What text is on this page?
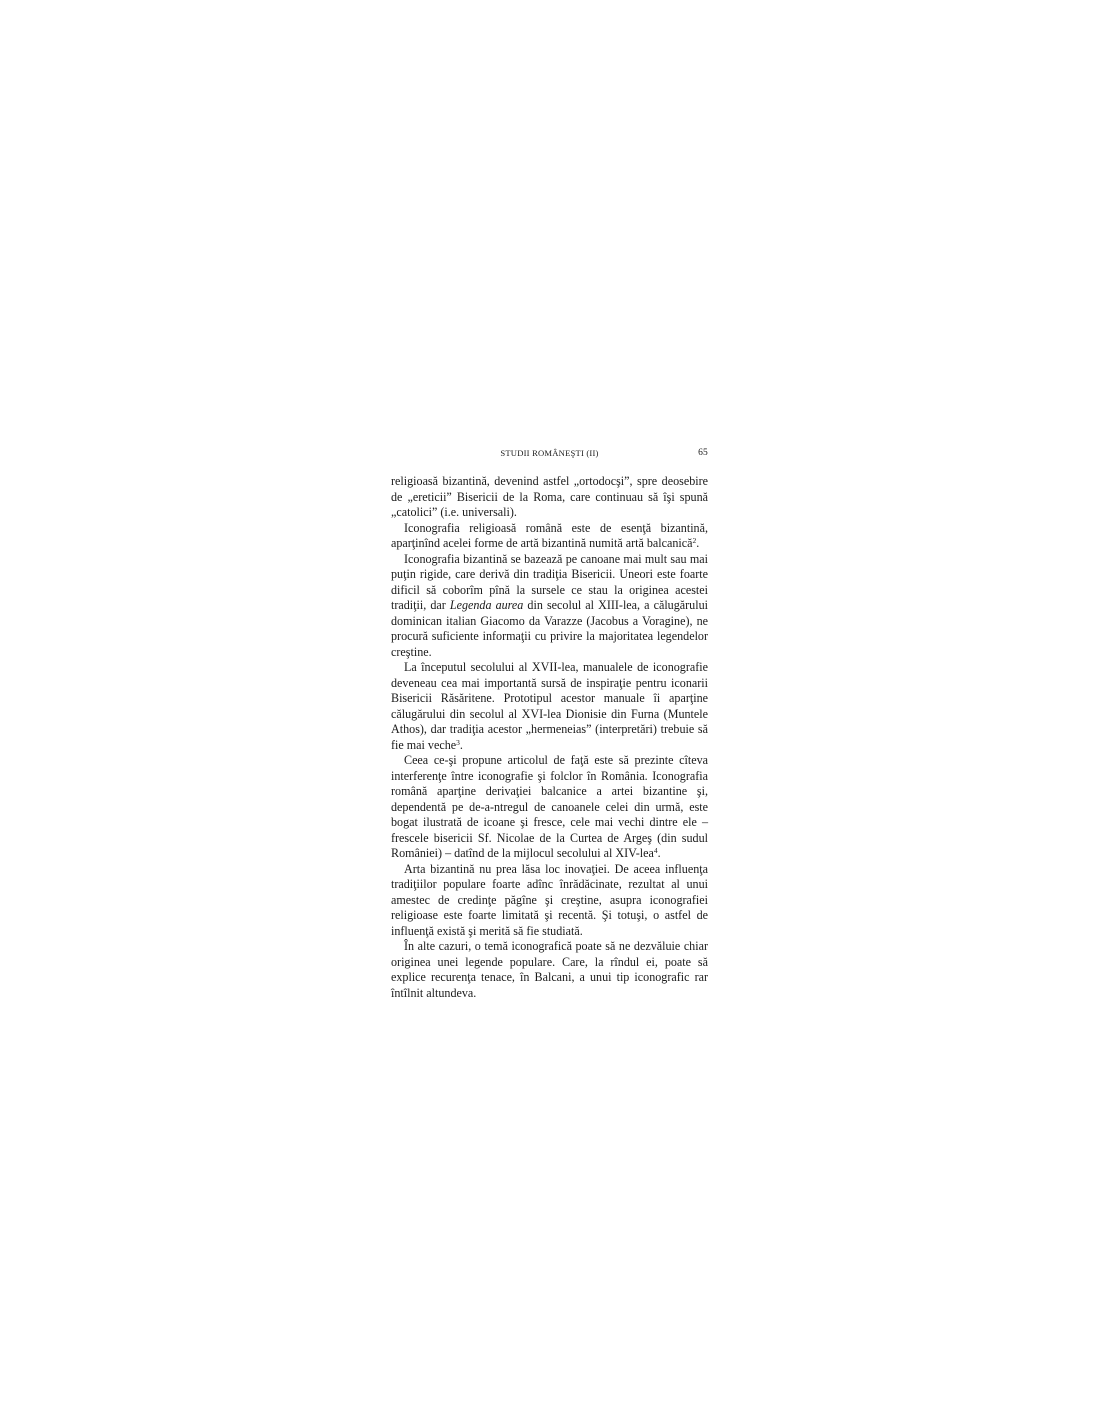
STUDII ROMÂNEŞTI (II)	65

religioasă bizantină, devenind astfel „ortodocşi”, spre deosebire de „ereticii” Bisericii de la Roma, care continuau să îşi spună „catolici” (i.e. universali).

Iconografia religioasă română este de esenţă bizantină, aparţinînd acelei forme de artă bizantină numită artă balcanică$^2$.

Iconografia bizantină se bazează pe canoane mai mult sau mai puţin rigide, care derivă din tradiţia Bisericii. Uneori este foarte dificil să coborîm pînă la sursele ce stau la originea acestei tradiţii, dar Legenda aurea din secolul al XIII-lea, a călugărului dominican italian Giacomo da Varazze (Jacobus a Voragine), ne procură suficiente informaţii cu privire la majoritatea legendelor creştine.

La începutul secolului al XVII-lea, manualele de iconografie deveneau cea mai importantă sursă de inspiraţie pentru iconarii Bisericii Răsăritene. Prototipul acestor manuale îi aparţine călugărului din secolul al XVI-lea Dionisie din Furna (Muntele Athos), dar tradiţia acestor „hermeneias” (interpretări) trebuie să fie mai veche$^3$.

Ceea ce-şi propune articolul de faţă este să prezinte cîteva interferenţe între iconografie şi folclor în România. Iconografia română aparţine derivaţiei balcanice a artei bizantine şi, dependentă pe de-a-ntregul de canoanele celei din urmă, este bogat ilustrată de icoane şi fresce, cele mai vechi dintre ele – frescele bisericii Sf. Nicolae de la Curtea de Argeş (din sudul României) – datînd de la mijlocul secolului al XIV-lea$^4$.

Arta bizantină nu prea lăsa loc inovaţiei. De aceea influenţa tradiţiilor populare foarte adînc înrădăcinate, rezultat al unui amestec de credinţe păgîne şi creştine, asupra iconografiei religioase este foarte limitată şi recentă. Şi totuşi, o astfel de influenţă există şi merită să fie studiată.

În alte cazuri, o temă iconografică poate să ne dezvăluie chiar originea unei legende populare. Care, la rîndul ei, poate să explice recurenţa tenace, în Balcani, a unui tip iconografic rar întîlnit altundeva.
